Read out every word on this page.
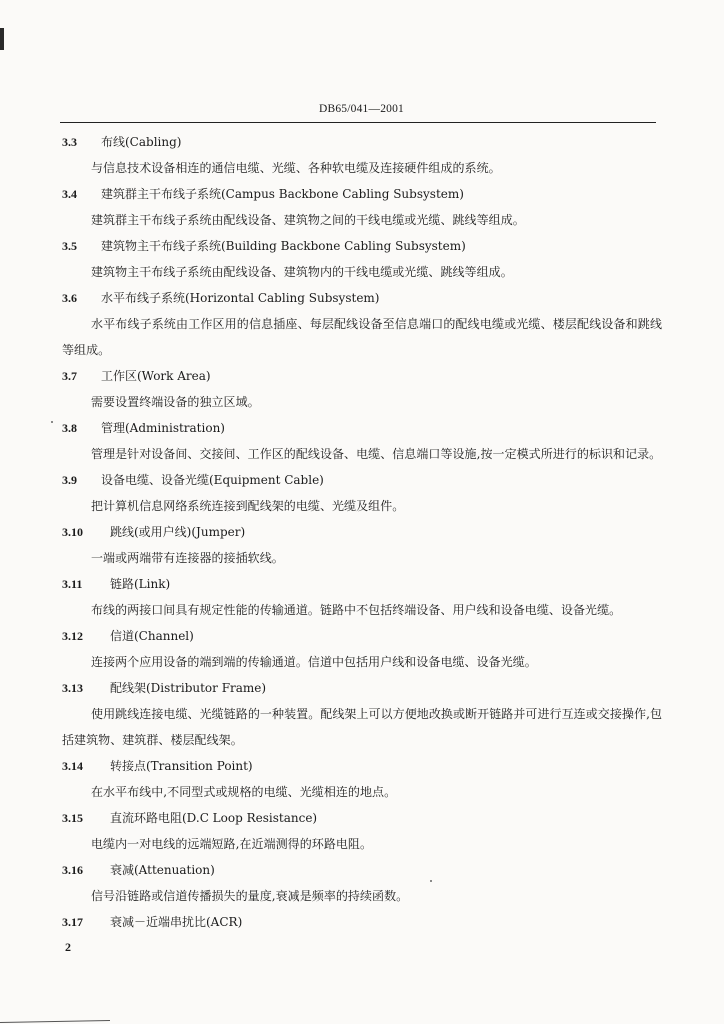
DB65/041—2001
3.3 布线(Cabling)
与信息技术设备相连的通信电缆、光缆、各种软电缆及连接硬件组成的系统。
3.4 建筑群主干布线子系统(Campus Backbone Cabling Subsystem)
建筑群主干布线子系统由配线设备、建筑物之间的干线电缆或光缆、跳线等组成。
3.5 建筑物主干布线子系统(Building Backbone Cabling Subsystem)
建筑物主干布线子系统由配线设备、建筑物内的干线电缆或光缆、跳线等组成。
3.6 水平布线子系统(Horizontal Cabling Subsystem)
水平布线子系统由工作区用的信息插座、每层配线设备至信息端口的配线电缆或光缆、楼层配线设备和跳线等组成。
3.7 工作区(Work Area)
需要设置终端设备的独立区域。
3.8 管理(Administration)
管理是针对设备间、交接间、工作区的配线设备、电缆、信息端口等设施,按一定模式所进行的标识和记录。
3.9 设备电缆、设备光缆(Equipment Cable)
把计算机信息网络系统连接到配线架的电缆、光缆及组件。
3.10 跳线(或用户线)(Jumper)
一端或两端带有连接器的接插软线。
3.11 链路(Link)
布线的两接口间具有规定性能的传输通道。链路中不包括终端设备、用户线和设备电缆、设备光缆。
3.12 信道(Channel)
连接两个应用设备的端到端的传输通道。信道中包括用户线和设备电缆、设备光缆。
3.13 配线架(Distributor Frame)
使用跳线连接电缆、光缆链路的一种装置。配线架上可以方便地改换或断开链路并可进行互连或交接操作,包括建筑物、建筑群、楼层配线架。
3.14 转接点(Transition Point)
在水平布线中,不同型式或规格的电缆、光缆相连的地点。
3.15 直流环路电阻(D.C Loop Resistance)
电缆内一对电线的远端短路,在近端测得的环路电阻。
3.16 衰减(Attenuation)
信号沿链路或信道传播损失的量度,衰减是频率的持续函数。
3.17 衰减－近端串扰比(ACR)
2
